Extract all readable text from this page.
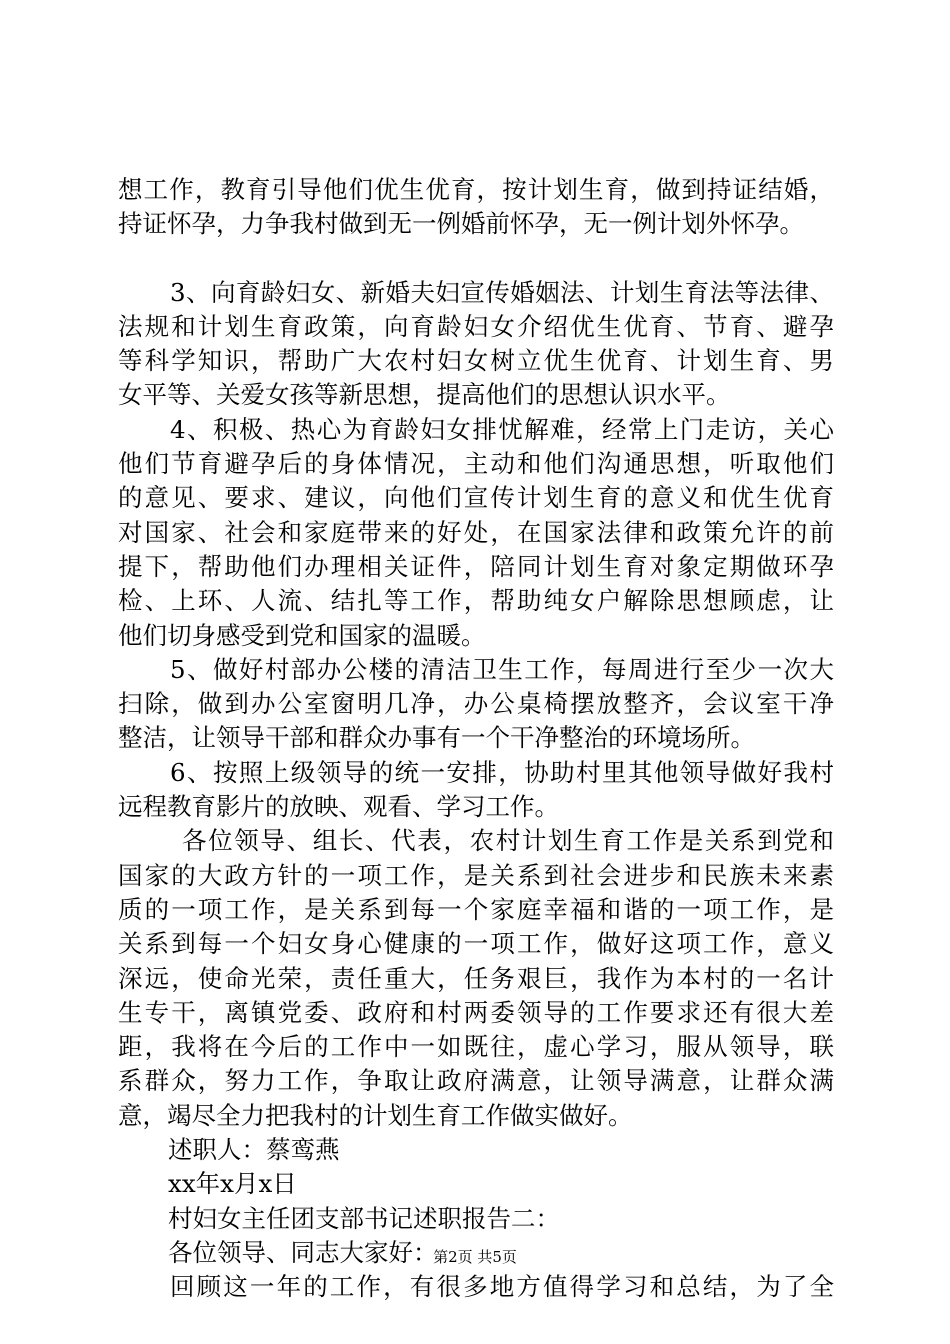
想工作，教育引导他们优生优育，按计划生育，做到持证结婚，
持证怀孕，力争我村做到无一例婚前怀孕，无一例计划外怀孕。
3、向育龄妇女、新婚夫妇宣传婚姻法、计划生育法等法律、
法规和计划生育政策，向育龄妇女介绍优生优育、节育、避孕
等科学知识，帮助广大农村妇女树立优生优育、计划生育、男
女平等、关爱女孩等新思想，提高他们的思想认识水平。
4、积极、热心为育龄妇女排忧解难，经常上门走访，关心
他们节育避孕后的身体情况，主动和他们沟通思想，听取他们
的意见、要求、建议，向他们宣传计划生育的意义和优生优育
对国家、社会和家庭带来的好处，在国家法律和政策允许的前
提下，帮助他们办理相关证件，陪同计划生育对象定期做环孕
检、上环、人流、结扎等工作，帮助纯女户解除思想顾虑，让
他们切身感受到党和国家的温暖。
5、做好村部办公楼的清洁卫生工作，每周进行至少一次大
扫除，做到办公室窗明几净，办公桌椅摆放整齐，会议室干净
整洁，让领导干部和群众办事有一个干净整治的环境场所。
6、按照上级领导的统一安排，协助村里其他领导做好我村
远程教育影片的放映、观看、学习工作。
各位领导、组长、代表，农村计划生育工作是关系到党和
国家的大政方针的一项工作，是关系到社会进步和民族未来素
质的一项工作，是关系到每一个家庭幸福和谐的一项工作，是
关系到每一个妇女身心健康的一项工作，做好这项工作，意义
深远，使命光荣，责任重大，任务艰巨，我作为本村的一名计
生专干，离镇党委、政府和村两委领导的工作要求还有很大差
距，我将在今后的工作中一如既往，虚心学习，服从领导，联
系群众，努力工作，争取让政府满意，让领导满意，让群众满
意，竭尽全力把我村的计划生育工作做实做好。
述职人：蔡鸾燕
xx年x月x日
村妇女主任团支部书记述职报告二：
各位领导、同志大家好：
回顾这一年的工作，有很多地方值得学习和总结，为了全
第2页 共5页
